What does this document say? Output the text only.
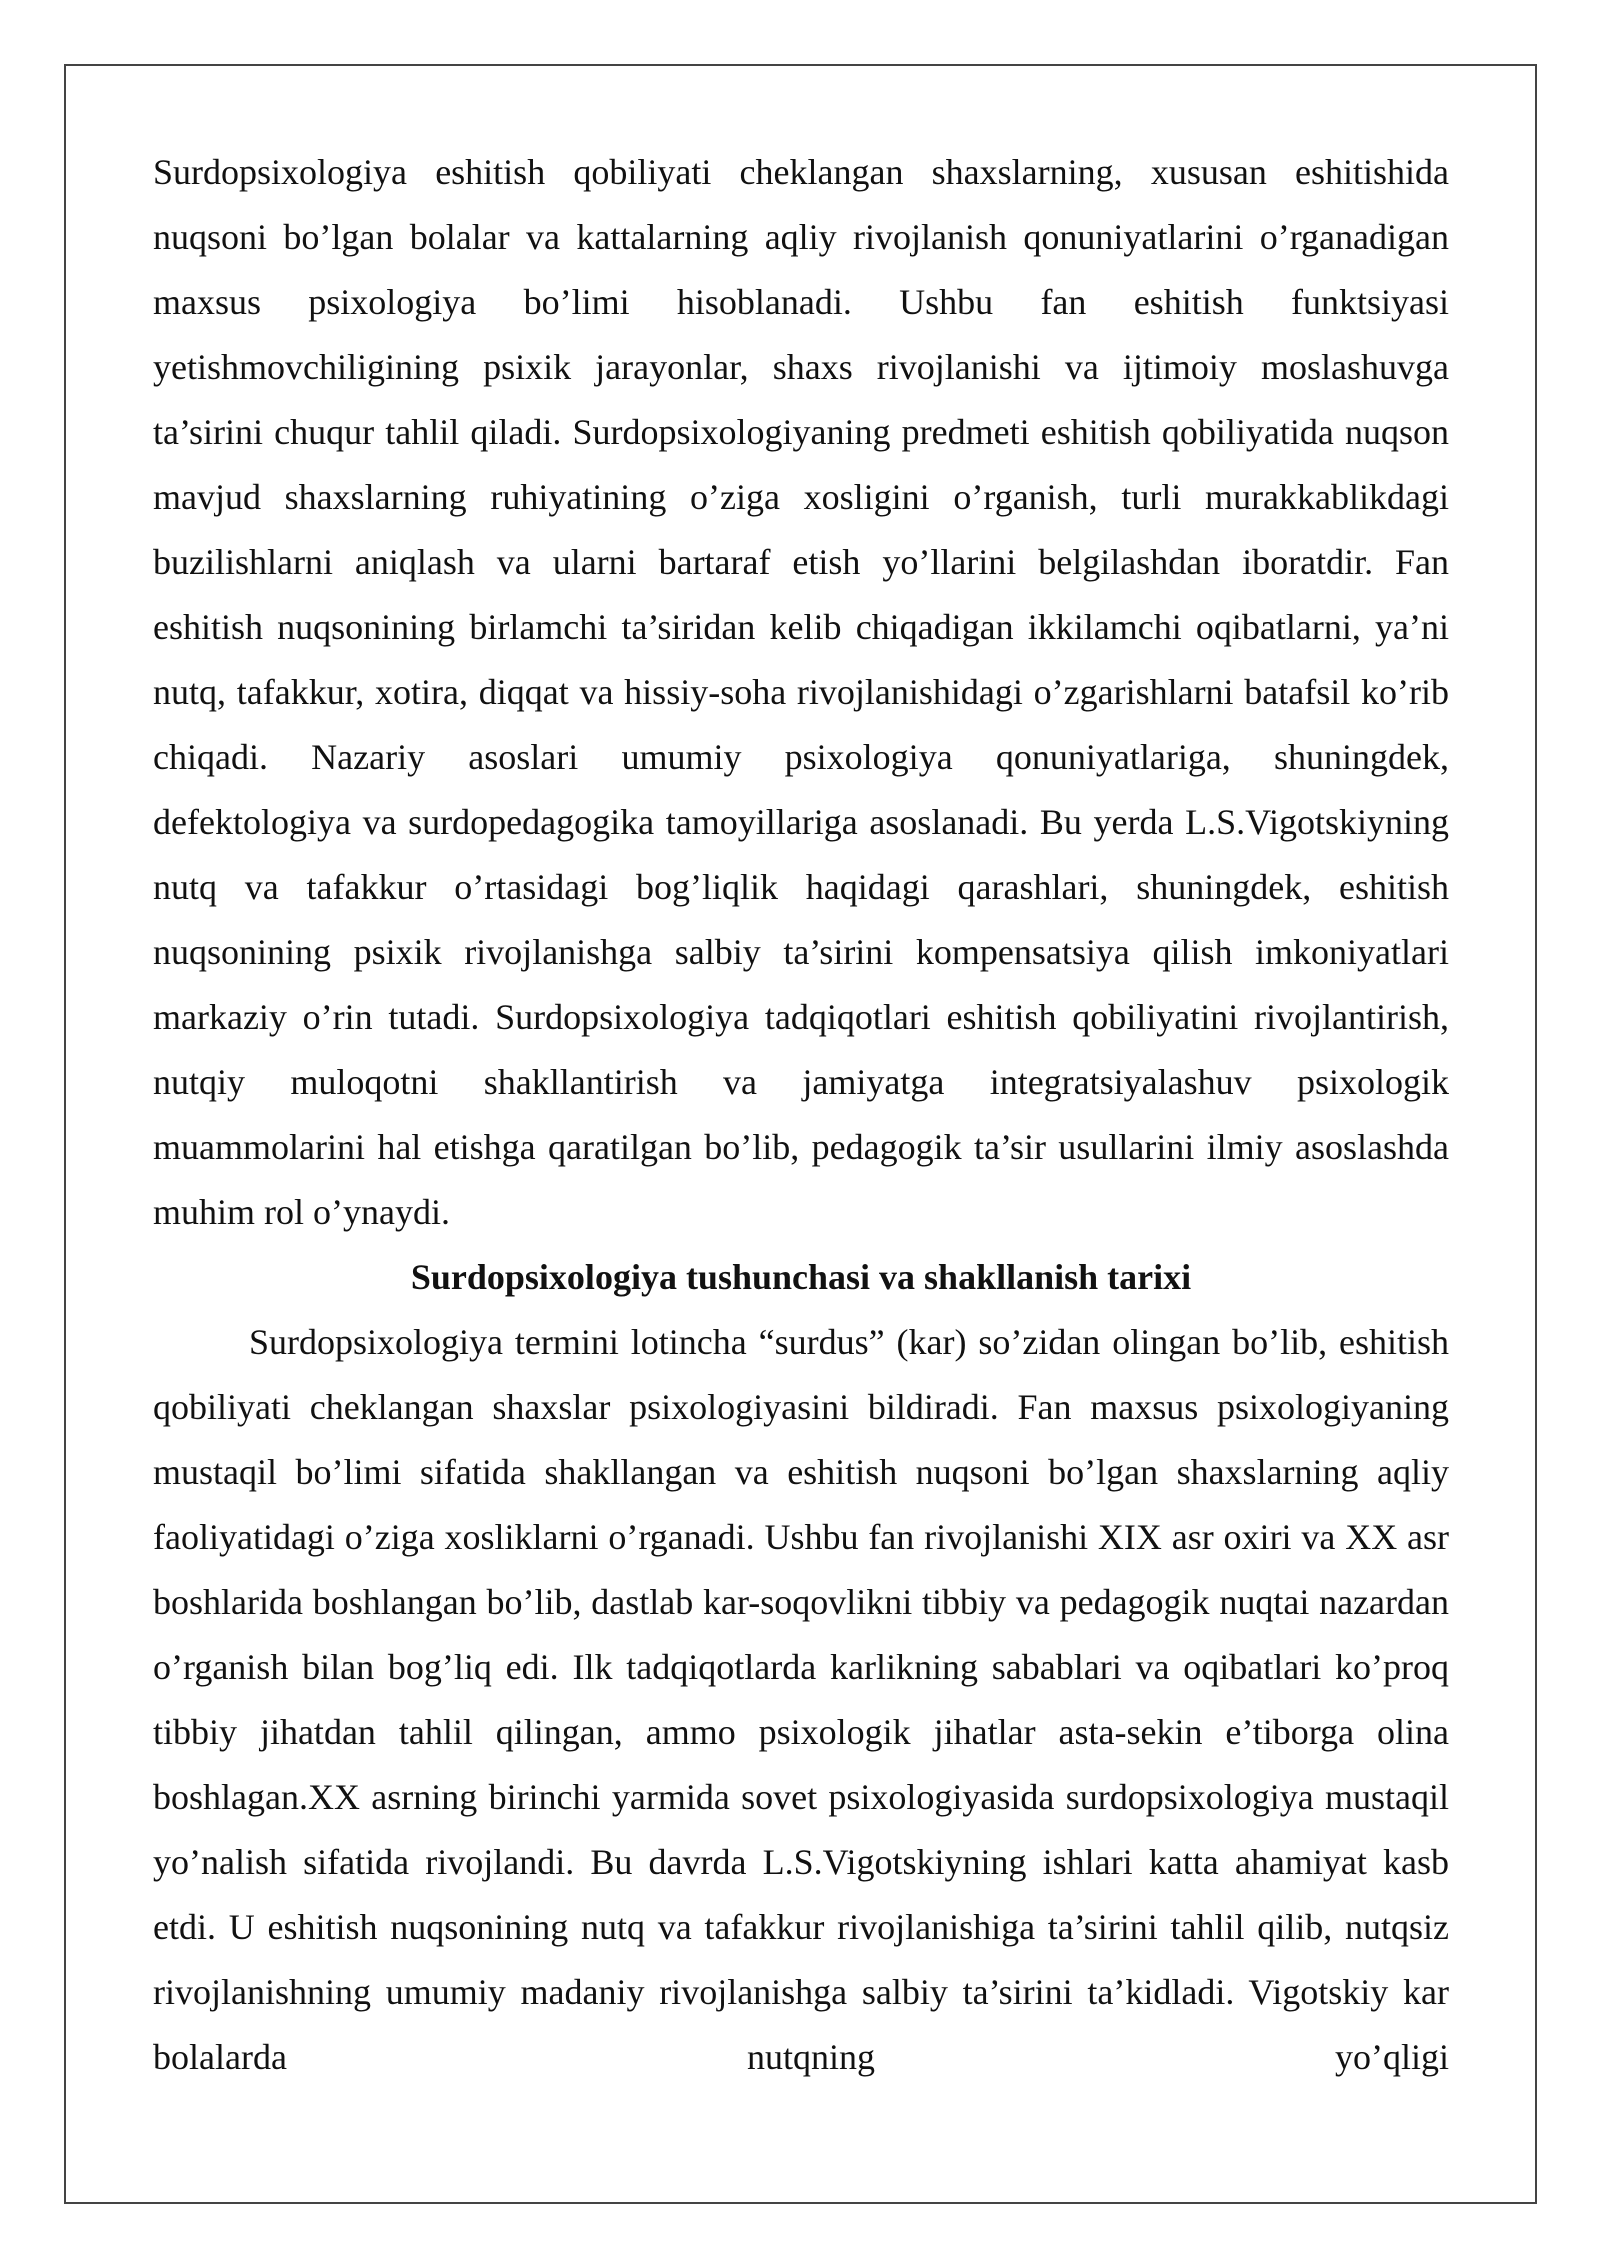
Surdopsixologiya eshitish qobiliyati cheklangan shaxslarning, xususan eshitishida nuqsoni bo’lgan bolalar va kattalarning aqliy rivojlanish qonuniyatlarini o’rganadigan maxsus psixologiya bo’limi hisoblanadi. Ushbu fan eshitish funktsiyasi yetishmovchiligining psixik jarayonlar, shaxs rivojlanishi va ijtimoiy moslashuvga ta’sirini chuqur tahlil qiladi. Surdopsixologiyaning predmeti eshitish qobiliyatida nuqson mavjud shaxslarning ruhiyatining o’ziga xosligini o’rganish, turli murakkablikdagi buzilishlarni aniqlash va ularni bartaraf etish yo’llarini belgilashdan iboratdir. Fan eshitish nuqsonining birlamchi ta’siridan kelib chiqadigan ikkilamchi oqibatlarni, ya’ni nutq, tafakkur, xotira, diqqat va hissiy-soha rivojlanishidagi o’zgarishlarni batafsil ko’rib chiqadi. Nazariy asoslari umumiy psixologiya qonuniyatlariga, shuningdek, defektologiya va surdopedagogika tamoyillariga asoslanadi. Bu yerda L.S.Vigotskiyning nutq va tafakkur o’rtasidagi bog’liqlik haqidagi qarashlari, shuningdek, eshitish nuqsonining psixik rivojlanishga salbiy ta’sirini kompensatsiya qilish imkoniyatlari markaziy o’rin tutadi. Surdopsixologiya tadqiqotlari eshitish qobiliyatini rivojlantirish, nutqiy muloqotni shakllantirish va jamiyatga integratsiyalashuv psixologik muammolarini hal etishga qaratilgan bo’lib, pedagogik ta’sir usullarini ilmiy asoslashda muhim rol o’ynaydi.

Surdopsixologiya tushunchasi va shakllanish tarixi

Surdopsixologiya termini lotincha “surdus” (kar) so’zidan olingan bo’lib, eshitish qobiliyati cheklangan shaxslar psixologiyasini bildiradi. Fan maxsus psixologiyaning mustaqil bo’limi sifatida shakllangan va eshitish nuqsoni bo’lgan shaxslarning aqliy faoliyatidagi o’ziga xosliklarni o’rganadi. Ushbu fan rivojlanishi XIX asr oxiri va XX asr boshlarida boshlangan bo’lib, dastlab kar-soqovlikni tibbiy va pedagogik nuqtai nazardan o’rganish bilan bog’liq edi. Ilk tadqiqotlarda karlikning sabablari va oqibatlari ko’proq tibbiy jihatdan tahlil qilingan, ammo psixologik jihatlar asta-sekin e’tiborga olina boshlagan.XX asrning birinchi yarmida sovet psixologiyasida surdopsixologiya mustaqil yo’nalish sifatida rivojlandi. Bu davrda L.S.Vigotskiyning ishlari katta ahamiyat kasb etdi. U eshitish nuqsonining nutq va tafakkur rivojlanishiga ta’sirini tahlil qilib, nutqsiz rivojlanishning umumiy madaniy rivojlanishga salbiy ta’sirini ta’kidladi. Vigotskiy kar bolalarda nutqning yo’qligi
